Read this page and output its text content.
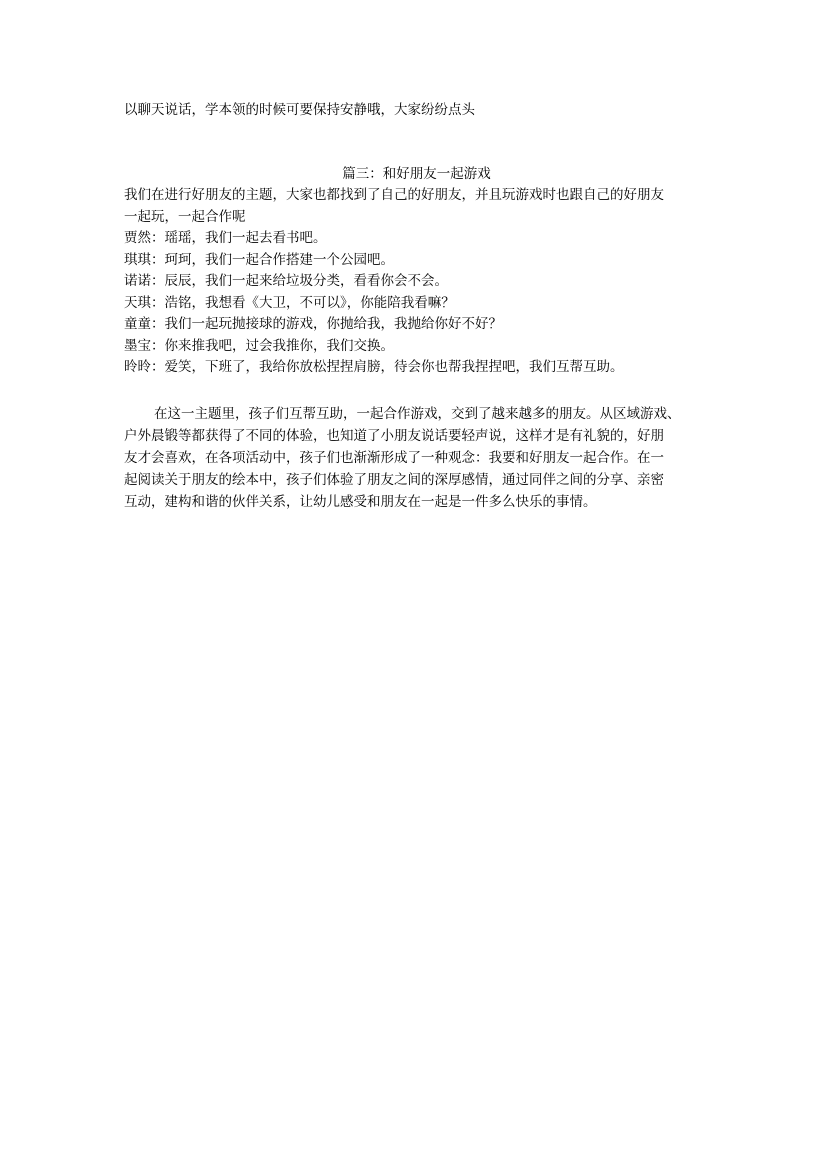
以聊天说话，学本领的时候可要保持安静哦，大家纷纷点头

篇三：和好朋友一起游戏

我们在进行好朋友的主题，大家也都找到了自己的好朋友，并且玩游戏时也跟自己的好朋友

一起玩，一起合作呢

贾然：瑶瑶，我们一起去看书吧。

琪琪：珂珂，我们一起合作搭建一个公园吧。

诺诺：辰辰，我们一起来给垃圾分类，看看你会不会。

天琪：浩铭，我想看《大卫，不可以》，你能陪我看嘛？

童童：我们一起玩抛接球的游戏，你抛给我，我抛给你好不好？

墨宝：你来推我吧，过会我推你，我们交换。

昤昤：爱笑，下班了，我给你放松捏捏肩膀，待会你也帮我捏捏吧，我们互帮互助。

在这一主题里，孩子们互帮互助，一起合作游戏，交到了越来越多的朋友。从区域游戏、

户外晨锻等都获得了不同的体验，也知道了小朋友说话要轻声说，这样才是有礼貌的，好朋

友才会喜欢，在各项活动中，孩子们也渐渐形成了一种观念：我要和好朋友一起合作。在一

起阅读关于朋友的绘本中，孩子们体验了朋友之间的深厚感情，通过同伴之间的分享、亲密

互动，建构和谐的伙伴关系，让幼儿感受和朋友在一起是一件多么快乐的事情。
